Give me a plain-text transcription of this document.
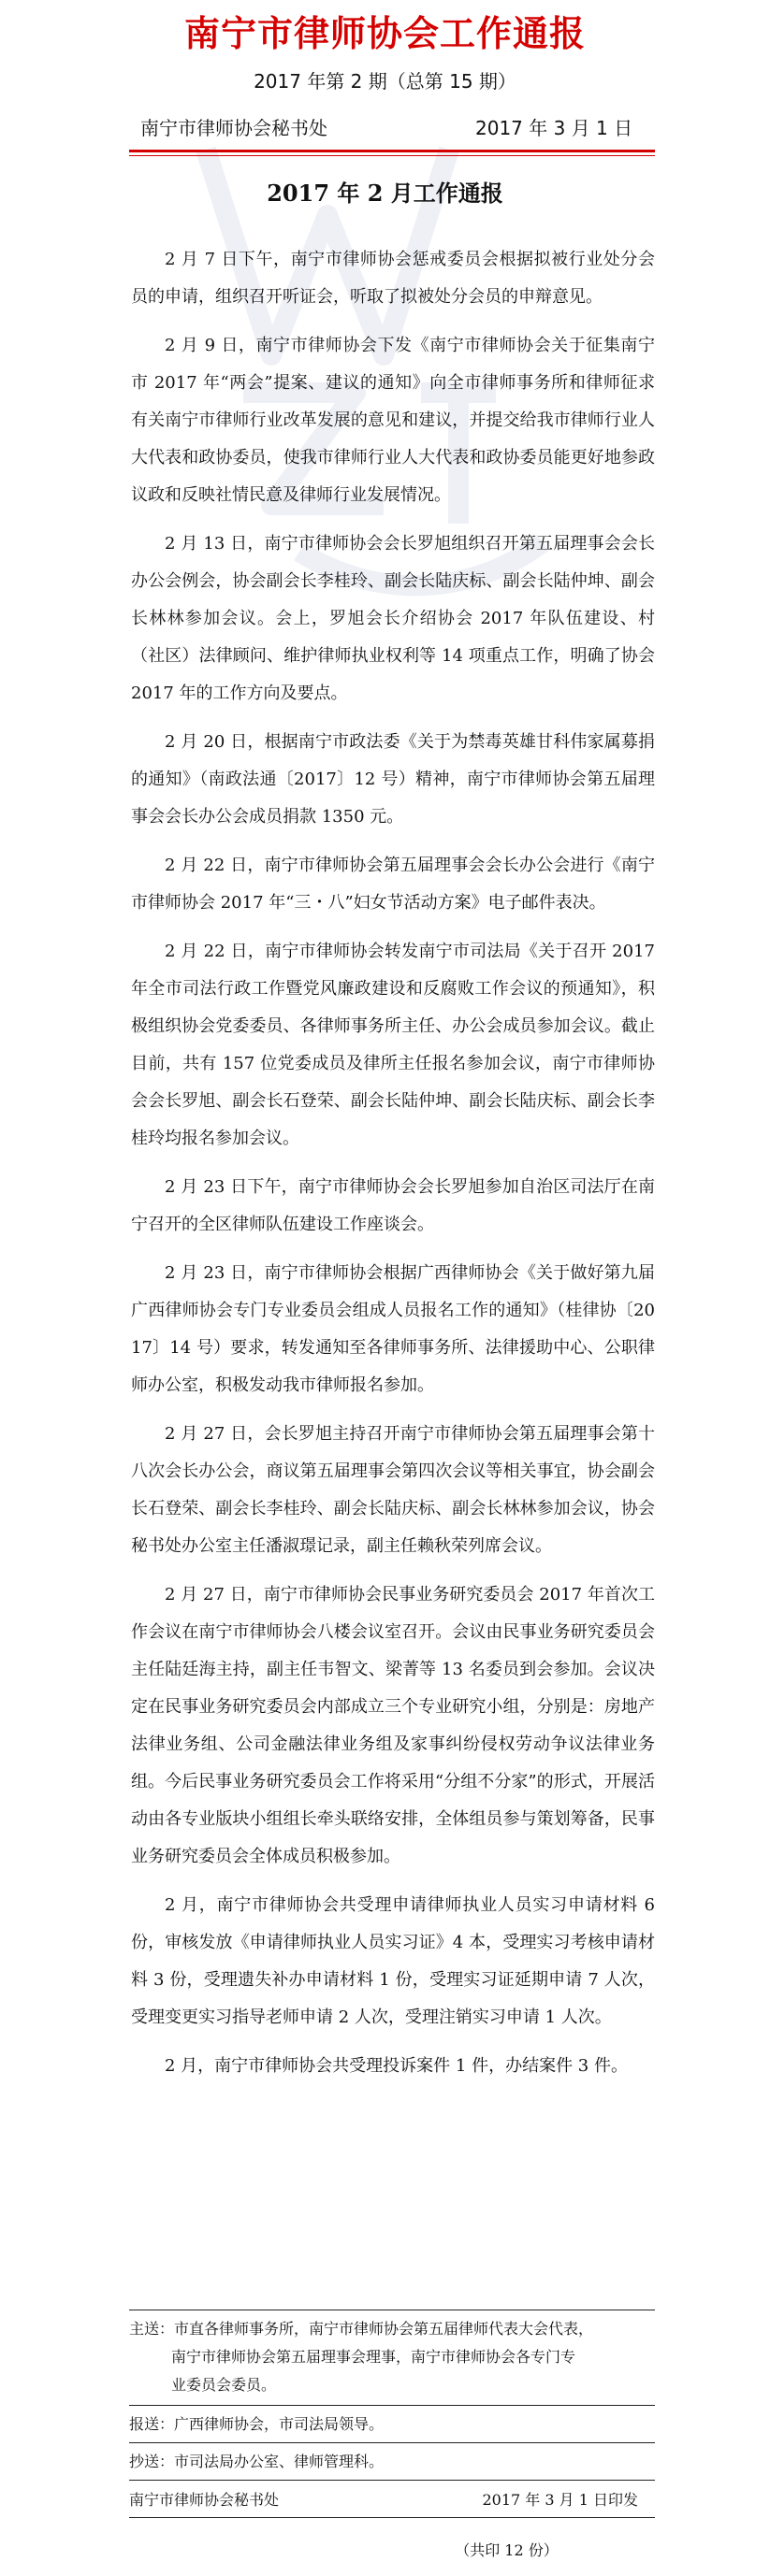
南宁市律师协会工作通报
2017 年第 2 期（总第 15 期）
南宁市律师协会秘书处	2017 年 3 月 1 日
2017 年 2 月工作通报

2 月 7 日下午，南宁市律师协会惩戒委员会根据拟被行业处分会员的申请，组织召开听证会，听取了拟被处分会员的申辩意见。

2 月 9 日，南宁市律师协会下发《南宁市律师协会关于征集南宁市 2017 年“两会”提案、建议的通知》向全市律师事务所和律师征求有关南宁市律师行业改革发展的意见和建议，并提交给我市律师行业人大代表和政协委员，使我市律师行业人大代表和政协委员能更好地参政议政和反映社情民意及律师行业发展情况。

2 月 13 日，南宁市律师协会会长罗旭组织召开第五届理事会会长办公会例会，协会副会长李桂玲、副会长陆庆标、副会长陆仲坤、副会长林林参加会议。会上，罗旭会长介绍协会 2017 年队伍建设、村（社区）法律顾问、维护律师执业权利等 14 项重点工作，明确了协会 2017 年的工作方向及要点。

2 月 20 日，根据南宁市政法委《关于为禁毒英雄甘科伟家属募捐的通知》（南政法通〔2017〕12 号）精神，南宁市律师协会第五届理事会会长办公会成员捐款 1350 元。

2 月 22 日，南宁市律师协会第五届理事会会长办公会进行《南宁市律师协会 2017 年“三・八”妇女节活动方案》电子邮件表决。

2 月 22 日，南宁市律师协会转发南宁市司法局《关于召开 2017 年全市司法行政工作暨党风廉政建设和反腐败工作会议的预通知》，积极组织协会党委委员、各律师事务所主任、办公会成员参加会议。截止目前，共有 157 位党委成员及律所主任报名参加会议，南宁市律师协会会长罗旭、副会长石登荣、副会长陆仲坤、副会长陆庆标、副会长李桂玲均报名参加会议。

2 月 23 日下午，南宁市律师协会会长罗旭参加自治区司法厅在南宁召开的全区律师队伍建设工作座谈会。

2 月 23 日，南宁市律师协会根据广西律师协会《关于做好第九届广西律师协会专门专业委员会组成人员报名工作的通知》（桂律协〔2017〕14 号）要求，转发通知至各律师事务所、法律援助中心、公职律师办公室，积极发动我市律师报名参加。

2 月 27 日，会长罗旭主持召开南宁市律师协会第五届理事会第十八次会长办公会，商议第五届理事会第四次会议等相关事宜，协会副会长石登荣、副会长李桂玲、副会长陆庆标、副会长林林参加会议，协会秘书处办公室主任潘淑璟记录，副主任赖秋荣列席会议。

2 月 27 日，南宁市律师协会民事业务研究委员会 2017 年首次工作会议在南宁市律师协会八楼会议室召开。会议由民事业务研究委员会主任陆廷海主持，副主任韦智文、梁菁等 13 名委员到会参加。会议决定在民事业务研究委员会内部成立三个专业研究小组，分别是：房地产法律业务组、公司金融法律业务组及家事纠纷侵权劳动争议法律业务组。今后民事业务研究委员会工作将采用“分组不分家”的形式，开展活动由各专业版块小组组长牵头联络安排，全体组员参与策划筹备，民事业务研究委员会全体成员积极参加。

2 月，南宁市律师协会共受理申请律师执业人员实习申请材料 6 份，审核发放《申请律师执业人员实习证》4 本，受理实习考核申请材料 3 份，受理遗失补办申请材料 1 份，受理实习证延期申请 7 人次，受理变更实习指导老师申请 2 人次，受理注销实习申请 1 人次。

2 月，南宁市律师协会共受理投诉案件 1 件，办结案件 3 件。

主送：市直各律师事务所，南宁市律师协会第五届律师代表大会代表，
南宁市律师协会第五届理事会理事，南宁市律师协会各专门专
业委员会委员。
报送：广西律师协会，市司法局领导。
抄送：市司法局办公室、律师管理科。
南宁市律师协会秘书处	2017 年 3 月 1 日印发
（共印 12 份）
